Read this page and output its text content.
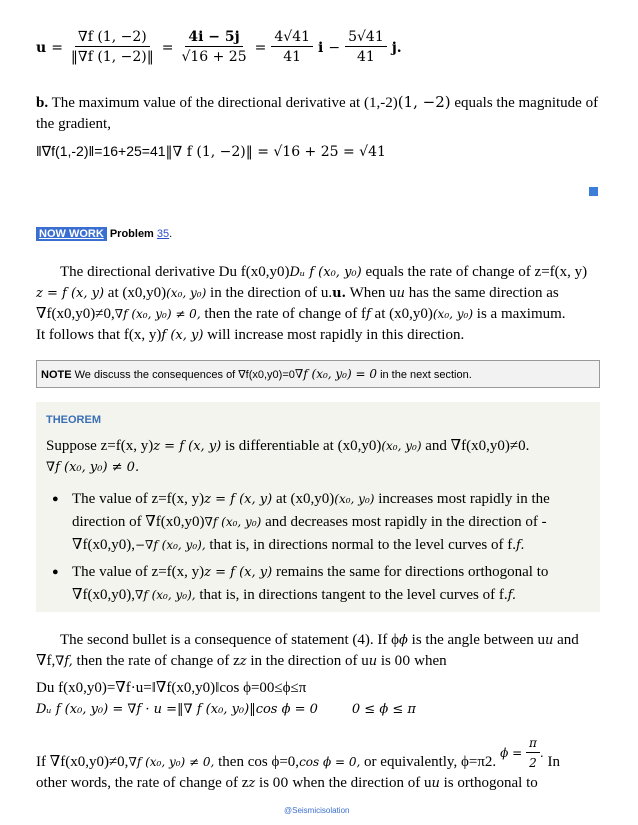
$u = \frac{\nabla f (1, -2)}{‖\nabla f (1, -2)‖} = \frac{4i - 5j}{√16 + 25} = \frac{4√41}{41}$ $i - \frac{5√41}{41} j$.
b. The maximum value of the directional derivative at (1,-2)(1, −2) equals the magnitude of
the gradient,
‖∇f(1,-2)‖=16+25=41‖∇ f (1, −2)‖ = √16 + 25 = √41
NOW WORK Problem 35.
The directional derivative Du f(x0,y0)Dᵤ f (x₀, y₀) equals the rate of change of z=f(x, y)
z = f (x, y) at (x0,y0)(x₀, y₀) in the direction of u.u. When uu has the same direction as
∇f(x0,y0)≠0,∇f (x₀, y₀) ≠ 0, then the rate of change of ff at (x0,y0)(x₀, y₀) is a maximum.
It follows that f(x, y)f (x, y) will increase most rapidly in this direction.
NOTE We discuss the consequences of ∇f(x0,y0)=0∇f (x₀, y₀) = 0 in the next section.
THEOREM
Suppose z=f(x, y)z = f (x, y) is differentiable at (x0,y0)(x₀, y₀) and ∇f(x0,y0)≠0.
∇f (x₀, y₀) ≠ 0.
● The value of z=f(x, y)z = f (x, y) at (x0,y0)(x₀, y₀) increases most rapidly in the
direction of ∇f(x0,y0)∇f (x₀, y₀) and decreases most rapidly in the direction of -
∇f(x0,y0),−∇f (x₀, y₀), that is, in directions normal to the level curves of f.f.
● The value of z=f(x, y)z = f (x, y) remains the same for directions orthogonal to
∇f(x0,y0),∇f (x₀, y₀), that is, in directions tangent to the level curves of f.f.
The second bullet is a consequence of statement (4). If ϕϕ is the angle between uu and
∇f,∇f, then the rate of change of zz in the direction of uu is 00 when
Du f(x0,y0)=∇f·u=‖∇f(x0,y0)‖cos ϕ=00≤ϕ≤π
Dᵤ f (x₀, y₀) = ∇f · u =‖∇ f (x₀, y₀)‖cos ϕ = 0	0 ≤ ϕ ≤ π
If ∇f(x0,y0)≠0, ∇f (x₀, y₀) ≠ 0,
then cos ϕ=0, cos ϕ = 0,
or equivalently, ϕ=π2.
ϕ =
$\frac{\pi}{2}$ .

In
other words, the rate of change of zz is 00 when the direction of uu is orthogonal to
@Seismicisolation
